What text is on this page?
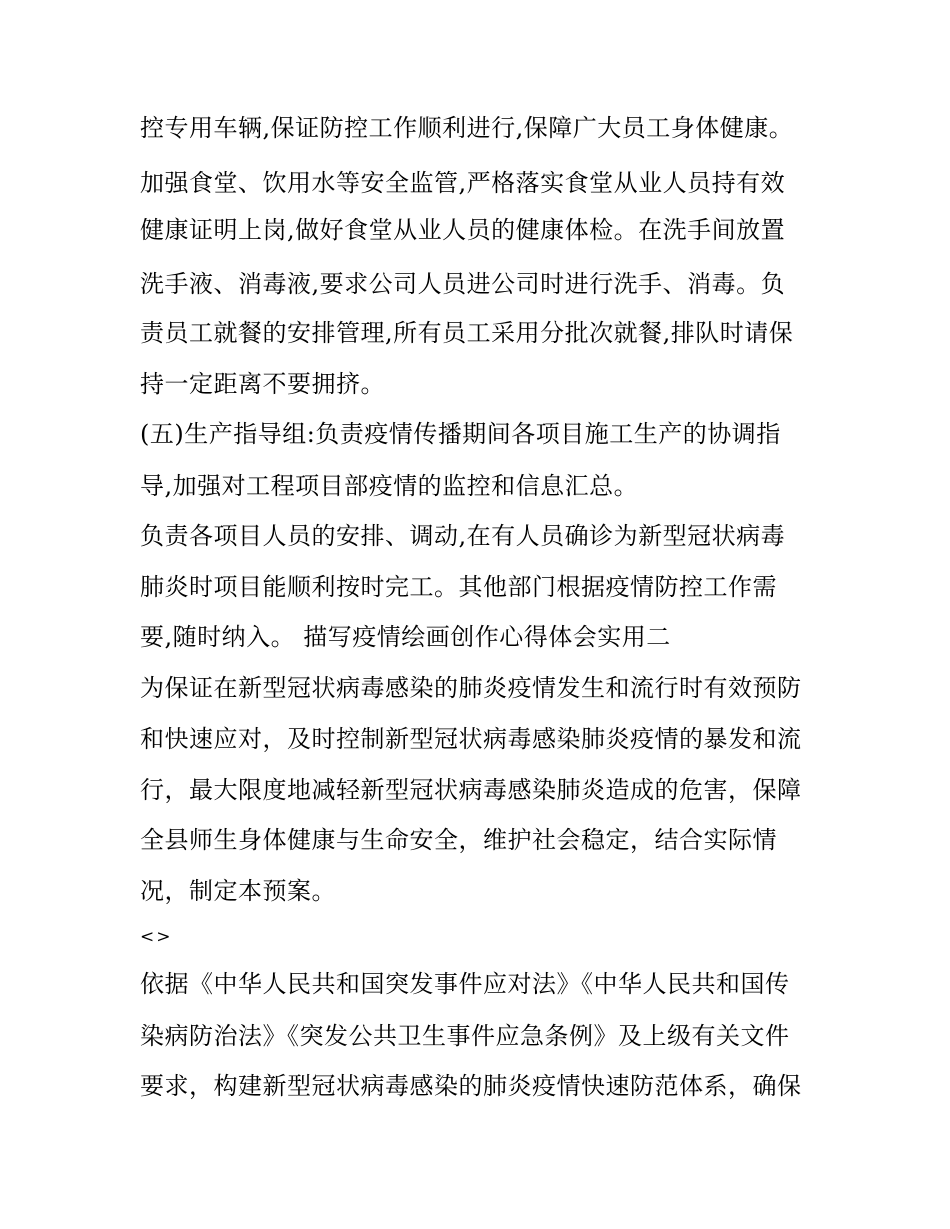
控专用车辆,保证防控工作顺利进行,保障广大员工身体健康。
加强食堂、饮用水等安全监管,严格落实食堂从业人员持有效
健康证明上岗,做好食堂从业人员的健康体检。在洗手间放置
洗手液、消毒液,要求公司人员进公司时进行洗手、消毒。负
责员工就餐的安排管理,所有员工采用分批次就餐,排队时请保
持一定距离不要拥挤。
(五)生产指导组:负责疫情传播期间各项目施工生产的协调指
导,加强对工程项目部疫情的监控和信息汇总。
负责各项目人员的安排、调动,在有人员确诊为新型冠状病毒
肺炎时项目能顺利按时完工。其他部门根据疫情防控工作需
要,随时纳入。 描写疫情绘画创作心得体会实用二
为保证在新型冠状病毒感染的肺炎疫情发生和流行时有效预防
和快速应对，及时控制新型冠状病毒感染肺炎疫情的暴发和流
行，最大限度地减轻新型冠状病毒感染肺炎造成的危害，保障
全县师生身体健康与生命安全，维护社会稳定，结合实际情
况，制定本预案。
<>
依据《中华人民共和国突发事件应对法》《中华人民共和国传
染病防治法》《突发公共卫生事件应急条例》及上级有关文件
要求，构建新型冠状病毒感染的肺炎疫情快速防范体系，确保
